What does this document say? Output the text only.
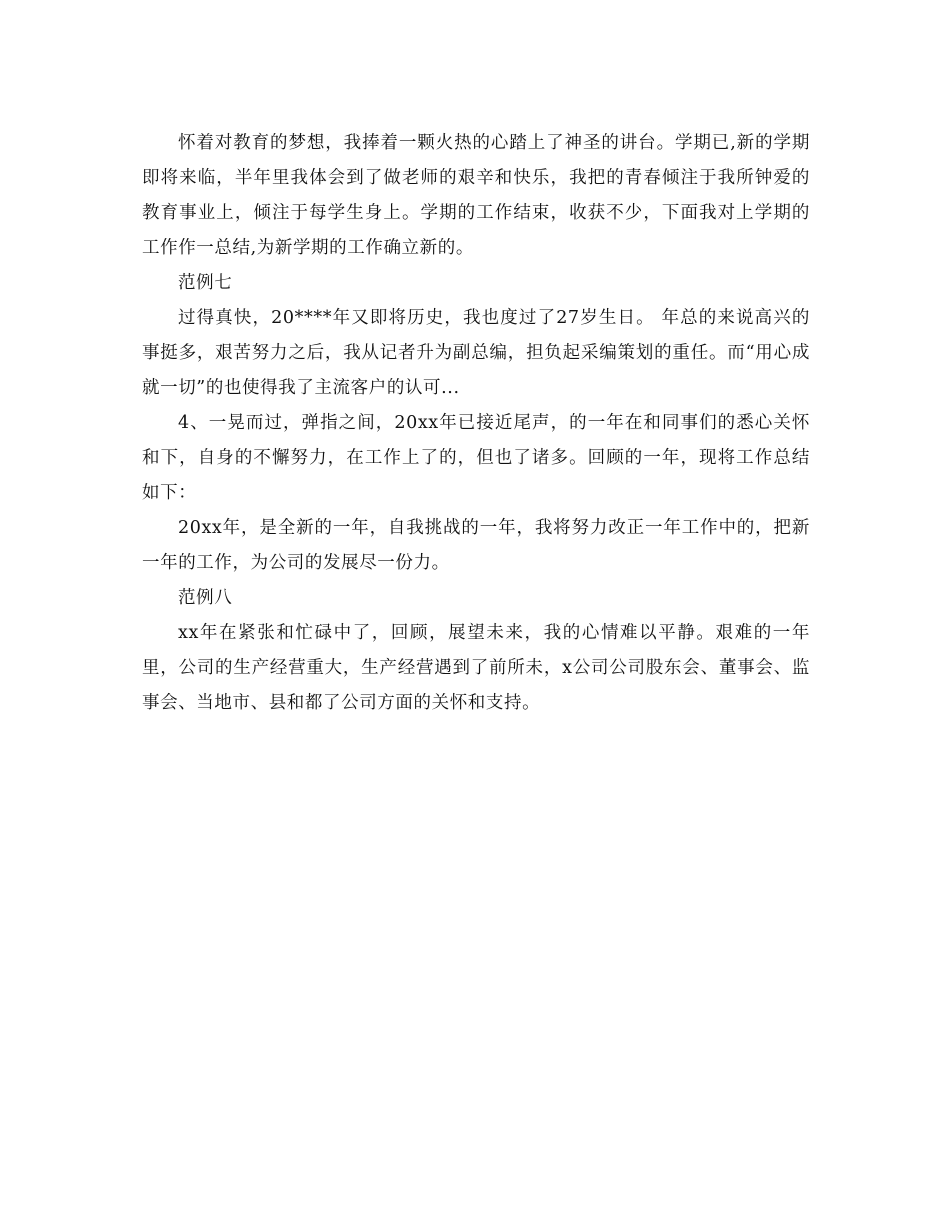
怀着对教育的梦想，我捧着一颗火热的心踏上了神圣的讲台。学期已,新的学期即将来临，半年里我体会到了做老师的艰辛和快乐，我把的青春倾注于我所钟爱的教育事业上，倾注于每学生身上。学期的工作结束，收获不少，下面我对上学期的工作作一总结,为新学期的工作确立新的。

范例七

过得真快，20****年又即将历史，我也度过了27岁生日。 年总的来说高兴的事挺多，艰苦努力之后，我从记者升为副总编，担负起采编策划的重任。而“用心成就一切”的也使得我了主流客户的认可...

4、一晃而过，弹指之间，20xx年已接近尾声，的一年在和同事们的悉心关怀和下，自身的不懈努力，在工作上了的，但也了诸多。回顾的一年，现将工作总结如下：

20xx年，是全新的一年，自我挑战的一年，我将努力改正一年工作中的，把新一年的工作，为公司的发展尽一份力。

范例八

xx年在紧张和忙碌中了，回顾，展望未来，我的心情难以平静。艰难的一年里，公司的生产经营重大，生产经营遇到了前所未，x公司公司股东会、董事会、监事会、当地市、县和都了公司方面的关怀和支持。
